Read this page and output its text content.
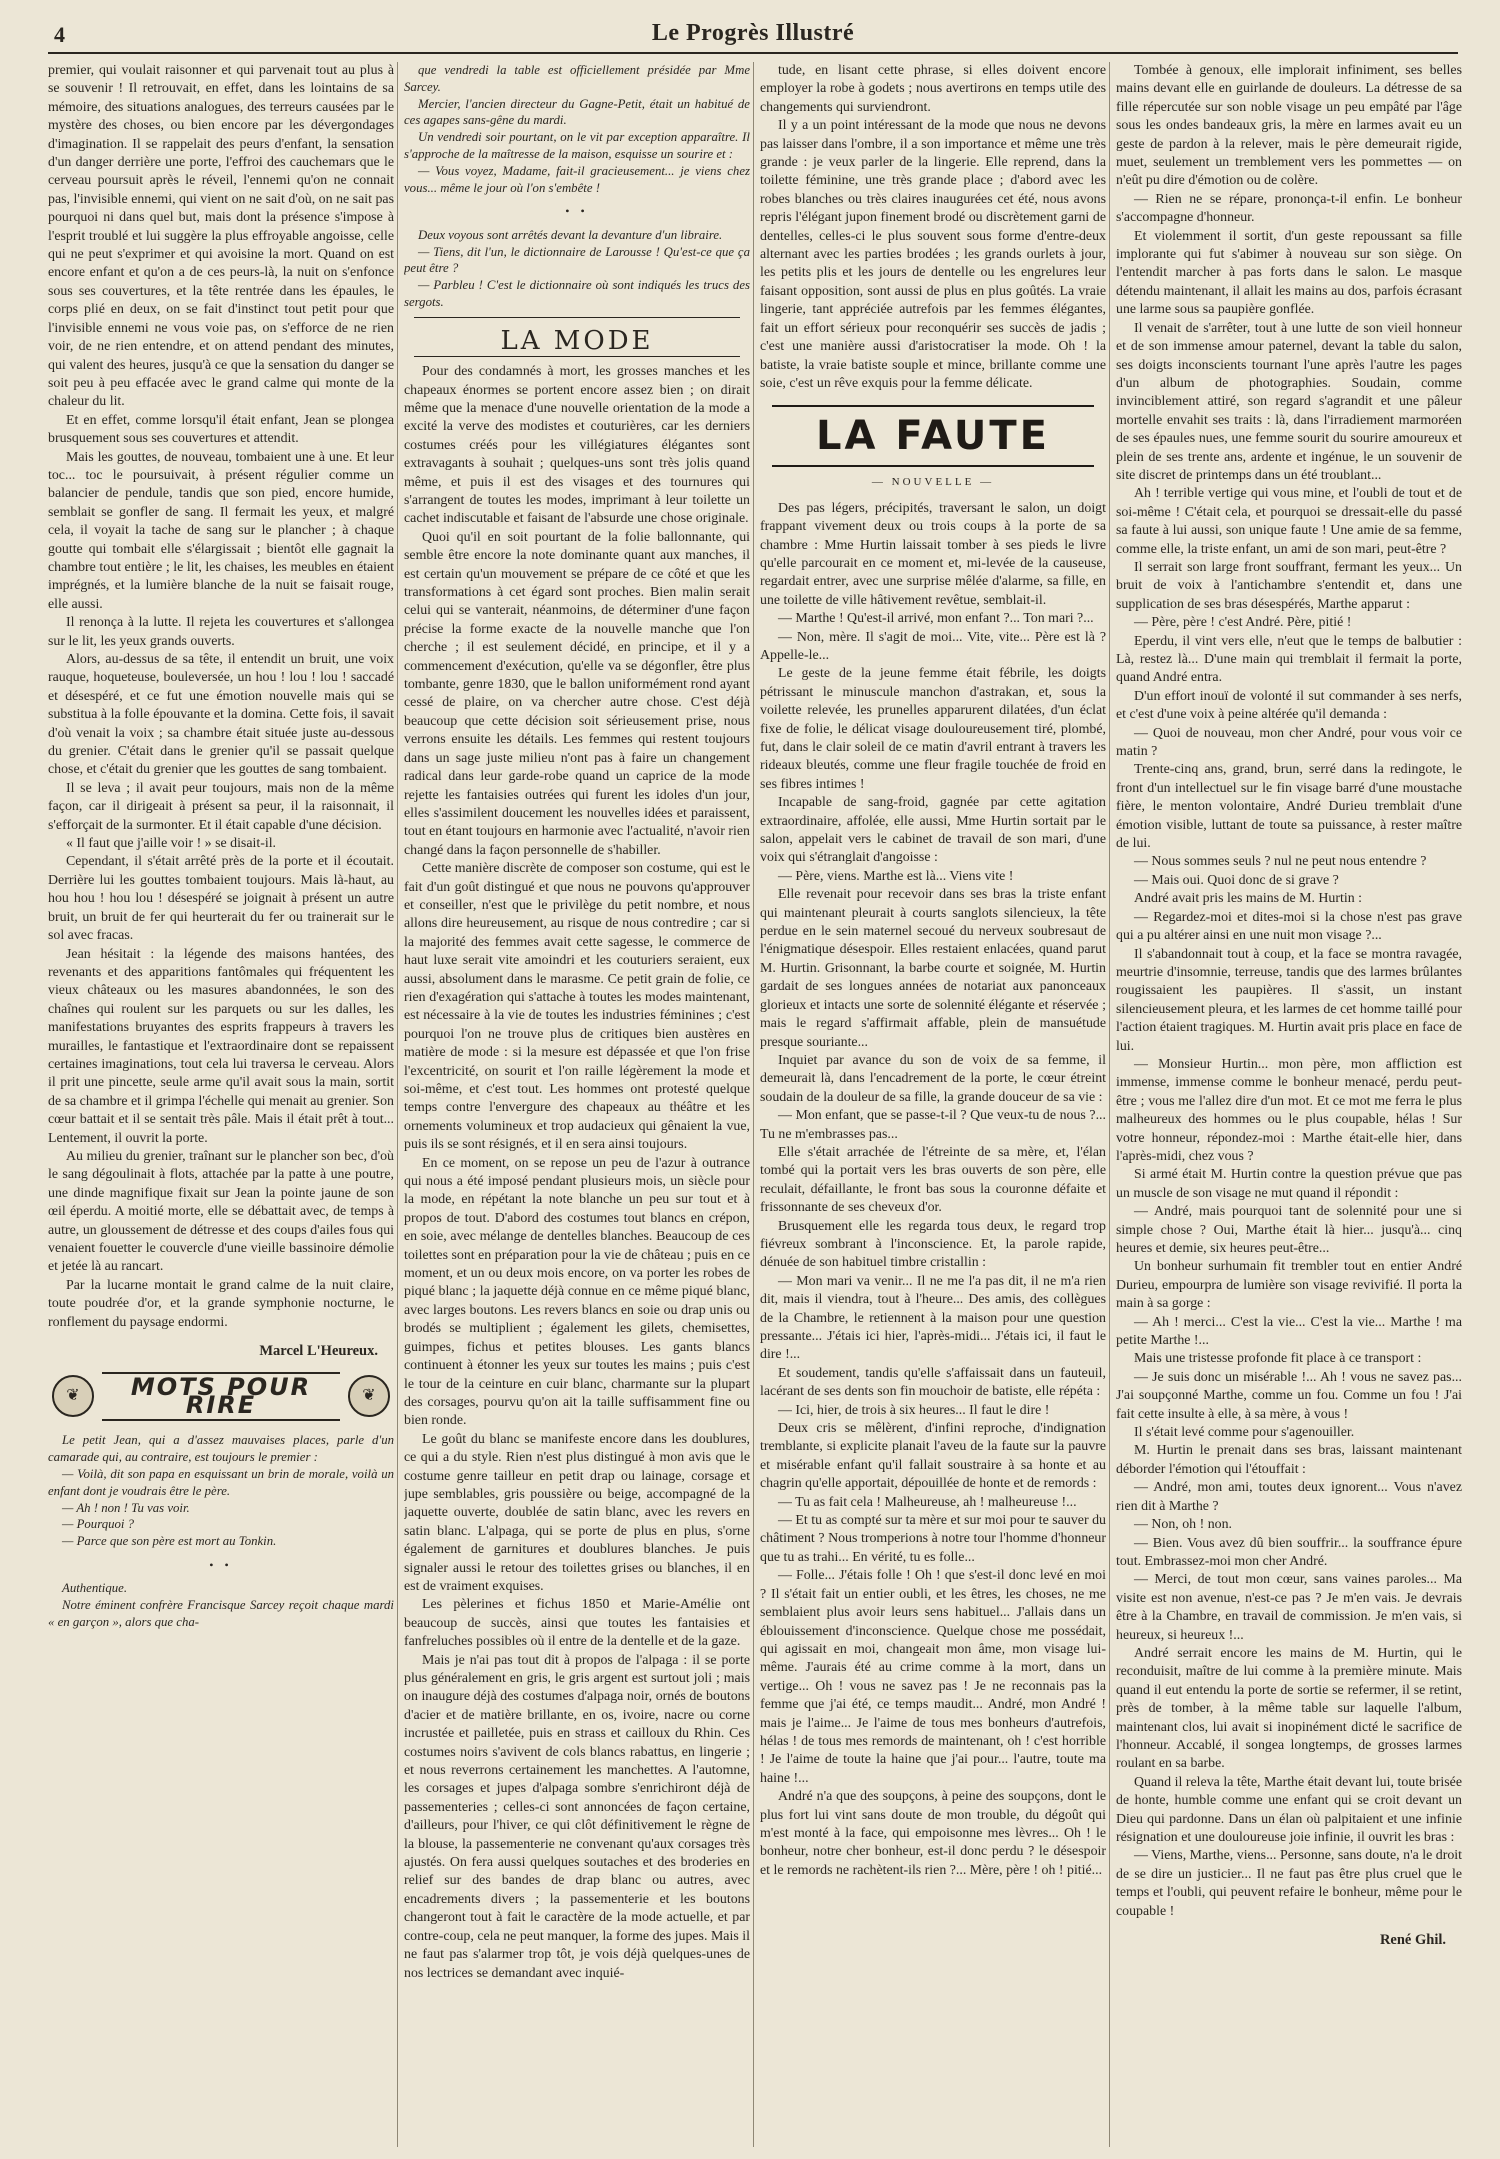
4	Le Progrès Illustré

premier, qui voulait raisonner et qui parvenait tout au plus à se souvenir ! Il retrouvait, en effet, dans les lointains de sa mémoire, des situations analogues, des terreurs causées par le mystère des choses, ou bien encore par les dévergondages d'imagination. Il se rappelait des peurs d'enfant, la sensation d'un danger derrière une porte, l'effroi des cauchemars que le cerveau poursuit après le réveil, l'ennemi qu'on ne connait pas, l'invisible ennemi, qui vient on ne sait d'où, on ne sait pas pourquoi ni dans quel but, mais dont la présence s'impose à l'esprit troublé et lui suggère la plus effroyable angoisse, celle qui ne peut s'exprimer et qui avoisine la mort. Quand on est encore enfant et qu'on a de ces peurs-là, la nuit on s'enfonce sous ses couvertures, et la tête rentrée dans les épaules, le corps plié en deux, on se fait d'instinct tout petit pour que l'invisible ennemi ne vous voie pas, on s'efforce de ne rien voir, de ne rien entendre, et on attend pendant des minutes, qui valent des heures, jusqu'à ce que la sensation du danger se soit peu à peu effacée avec le grand calme qui monte de la chaleur du lit.

Et en effet, comme lorsqu'il était enfant, Jean se plongea brusquement sous ses couvertures et attendit.

Mais les gouttes, de nouveau, tombaient une à une. Et leur toc... toc le poursuivait, à présent régulier comme un balancier de pendule, tandis que son pied, encore humide, semblait se gonfler de sang. Il fermait les yeux, et malgré cela, il voyait la tache de sang sur le plancher ; à chaque goutte qui tombait elle s'élargissait ; bientôt elle gagnait la chambre tout entière ; le lit, les chaises, les meubles en étaient imprégnés, et la lumière blanche de la nuit se faisait rouge, elle aussi.

Il renonça à la lutte. Il rejeta les couvertures et s'allongea sur le lit, les yeux grands ouverts.

Alors, au-dessus de sa tête, il entendit un bruit, une voix rauque, hoqueteuse, bouleversée, un hou ! lou ! lou ! saccadé et désespéré, et ce fut une émotion nouvelle mais qui se substitua à la folle épouvante et la domina. Cette fois, il savait d'où venait la voix ; sa chambre était située juste au-dessous du grenier. C'était dans le grenier qu'il se passait quelque chose, et c'était du grenier que les gouttes de sang tombaient.

Il se leva ; il avait peur toujours, mais non de la même façon, car il dirigeait à présent sa peur, il la raisonnait, il s'efforçait de la surmonter. Et il était capable d'une décision.

« Il faut que j'aille voir ! » se disait-il.

Cependant, il s'était arrêté près de la porte et il écoutait. Derrière lui les gouttes tombaient toujours. Mais là-haut, au hou hou ! hou lou ! désespéré se joignait à présent un autre bruit, un bruit de fer qui heurterait du fer ou trainerait sur le sol avec fracas.

Jean hésitait : la légende des maisons hantées, des revenants et des apparitions fantômales qui fréquentent les vieux châteaux ou les masures abandonnées, le son des chaînes qui roulent sur les parquets ou sur les dalles, les manifestations bruyantes des esprits frappeurs à travers les murailles, le fantastique et l'extraordinaire dont se repaissent certaines imaginations, tout cela lui traversa le cerveau. Alors il prit une pincette, seule arme qu'il avait sous la main, sortit de sa chambre et il grimpa l'échelle qui menait au grenier. Son cœur battait et il se sentait très pâle. Mais il était prêt à tout... Lentement, il ouvrit la porte.

Au milieu du grenier, traînant sur le plancher son bec, d'où le sang dégoulinait à flots, attachée par la patte à une poutre, une dinde magnifique fixait sur Jean la pointe jaune de son œil éperdu. A moitié morte, elle se débattait avec, de temps à autre, un gloussement de détresse et des coups d'ailes fous qui venaient fouetter le couvercle d'une vieille bassinoire démolie et jetée là au rancart.

Par la lucarne montait le grand calme de la nuit claire, toute poudrée d'or, et la grande symphonie nocturne, le ronflement du paysage endormi.

Marcel L'Heureux.
❦	MOTS POUR RIRE	❦

Le petit Jean, qui a d'assez mauvaises places, parle d'un camarade qui, au contraire, est toujours le premier :

— Voilà, dit son papa en esquissant un brin de morale, voilà un enfant dont je voudrais être le père.

— Ah ! non ! Tu vas voir.

— Pourquoi ?

— Parce que son père est mort au Tonkin.

• •

Authentique.

Notre éminent confrère Francisque Sarcey reçoit chaque mardi « en garçon », alors que cha-

que vendredi la table est officiellement présidée par Mme Sarcey.

Mercier, l'ancien directeur du Gagne-Petit, était un habitué de ces agapes sans-gêne du mardi.

Un vendredi soir pourtant, on le vit par exception apparaître. Il s'approche de la maîtresse de la maison, esquisse un sourire et :

— Vous voyez, Madame, fait-il gracieusement... je viens chez vous... même le jour où l'on s'embête !

• •

Deux voyous sont arrêtés devant la devanture d'un libraire.

— Tiens, dit l'un, le dictionnaire de Larousse ! Qu'est-ce que ça peut être ?

— Parbleu ! C'est le dictionnaire où sont indiqués les trucs des sergots.

LA MODE

Pour des condamnés à mort, les grosses manches et les chapeaux énormes se portent encore assez bien ; on dirait même que la menace d'une nouvelle orientation de la mode a excité la verve des modistes et couturières, car les derniers costumes créés pour les villégiatures élégantes sont extravagants à souhait ; quelques-uns sont très jolis quand même, et puis il est des visages et des tournures qui s'arrangent de toutes les modes, imprimant à leur toilette un cachet indiscutable et faisant de l'absurde une chose originale.

Quoi qu'il en soit pourtant de la folie ballonnante, qui semble être encore la note dominante quant aux manches, il est certain qu'un mouvement se prépare de ce côté et que les transformations à cet égard sont proches. Bien malin serait celui qui se vanterait, néanmoins, de déterminer d'une façon précise la forme exacte de la nouvelle manche que l'on cherche ; il est seulement décidé, en principe, et il y a commencement d'exécution, qu'elle va se dégonfler, être plus tombante, genre 1830, que le ballon uniformément rond ayant cessé de plaire, on va chercher autre chose. C'est déjà beaucoup que cette décision soit sérieusement prise, nous verrons ensuite les détails. Les femmes qui restent toujours dans un sage juste milieu n'ont pas à faire un changement radical dans leur garde-robe quand un caprice de la mode rejette les fantaisies outrées qui furent les idoles d'un jour, elles s'assimilent doucement les nouvelles idées et paraissent, tout en étant toujours en harmonie avec l'actualité, n'avoir rien changé dans la façon personnelle de s'habiller.

Cette manière discrète de composer son costume, qui est le fait d'un goût distingué et que nous ne pouvons qu'approuver et conseiller, n'est que le privilège du petit nombre, et nous allons dire heureusement, au risque de nous contredire ; car si la majorité des femmes avait cette sagesse, le commerce de haut luxe serait vite amoindri et les couturiers seraient, eux aussi, absolument dans le marasme. Ce petit grain de folie, ce rien d'exagération qui s'attache à toutes les modes maintenant, est nécessaire à la vie de toutes les industries féminines ; c'est pourquoi l'on ne trouve plus de critiques bien austères en matière de mode : si la mesure est dépassée et que l'on frise l'excentricité, on sourit et l'on raille légèrement la mode et soi-même, et c'est tout. Les hommes ont protesté quelque temps contre l'envergure des chapeaux au théâtre et les ornements volumineux et trop audacieux qui gênaient la vue, puis ils se sont résignés, et il en sera ainsi toujours.

En ce moment, on se repose un peu de l'azur à outrance qui nous a été imposé pendant plusieurs mois, un siècle pour la mode, en répétant la note blanche un peu sur tout et à propos de tout. D'abord des costumes tout blancs en crépon, en soie, avec mélange de dentelles blanches. Beaucoup de ces toilettes sont en préparation pour la vie de château ; puis en ce moment, et un ou deux mois encore, on va porter les robes de piqué blanc ; la jaquette déjà connue en ce même piqué blanc, avec larges boutons. Les revers blancs en soie ou drap unis ou brodés se multiplient ; également les gilets, chemisettes, guimpes, fichus et petites blouses. Les gants blancs continuent à étonner les yeux sur toutes les mains ; puis c'est le tour de la ceinture en cuir blanc, charmante sur la plupart des corsages, pourvu qu'on ait la taille suffisamment fine ou bien ronde.

Le goût du blanc se manifeste encore dans les doublures, ce qui a du style. Rien n'est plus distingué à mon avis que le costume genre tailleur en petit drap ou lainage, corsage et jupe semblables, gris poussière ou beige, accompagné de la jaquette ouverte, doublée de satin blanc, avec les revers en satin blanc. L'alpaga, qui se porte de plus en plus, s'orne également de garnitures et doublures blanches. Je puis signaler aussi le retour des toilettes grises ou blanches, il en est de vraiment exquises.

Les pèlerines et fichus 1850 et Marie-Amélie ont beaucoup de succès, ainsi que toutes les fantaisies et fanfreluches possibles où il entre de la dentelle et de la gaze.

Mais je n'ai pas tout dit à propos de l'alpaga : il se porte plus généralement en gris, le gris argent est surtout joli ; mais on inaugure déjà des costumes d'alpaga noir, ornés de boutons d'acier et de matière brillante, en os, ivoire, nacre ou corne incrustée et pailletée, puis en strass et cailloux du Rhin. Ces costumes noirs s'avivent de cols blancs rabattus, en lingerie ; et nous reverrons certainement les manchettes. A l'automne, les corsages et jupes d'alpaga sombre s'enrichiront déjà de passementeries ; celles-ci sont annoncées de façon certaine, d'ailleurs, pour l'hiver, ce qui clôt définitivement le règne de la blouse, la passementerie ne convenant qu'aux corsages très ajustés. On fera aussi quelques soutaches et des broderies en relief sur des bandes de drap blanc ou autres, avec encadrements divers ; la passementerie et les boutons changeront tout à fait le caractère de la mode actuelle, et par contre-coup, cela ne peut manquer, la forme des jupes. Mais il ne faut pas s'alarmer trop tôt, je vois déjà quelques-unes de nos lectrices se demandant avec inquié-

tude, en lisant cette phrase, si elles doivent encore employer la robe à godets ; nous avertirons en temps utile des changements qui surviendront.

Il y a un point intéressant de la mode que nous ne devons pas laisser dans l'ombre, il a son importance et même une très grande : je veux parler de la lingerie. Elle reprend, dans la toilette féminine, une très grande place ; d'abord avec les robes blanches ou très claires inaugurées cet été, nous avons repris l'élégant jupon finement brodé ou discrètement garni de dentelles, celles-ci le plus souvent sous forme d'entre-deux alternant avec les parties brodées ; les grands ourlets à jour, les petits plis et les jours de dentelle ou les engrelures leur faisant opposition, sont aussi de plus en plus goûtés. La vraie lingerie, tant appréciée autrefois par les femmes élégantes, fait un effort sérieux pour reconquérir ses succès de jadis ; c'est une manière aussi d'aristocratiser la mode. Oh ! la batiste, la vraie batiste souple et mince, brillante comme une soie, c'est un rêve exquis pour la femme délicate.

LA FAUTE
— NOUVELLE —

Des pas légers, précipités, traversant le salon, un doigt frappant vivement deux ou trois coups à la porte de sa chambre : Mme Hurtin laissait tomber à ses pieds le livre qu'elle parcourait en ce moment et, mi-levée de la causeuse, regardait entrer, avec une surprise mêlée d'alarme, sa fille, en une toilette de ville hâtivement revêtue, semblait-il.

— Marthe ! Qu'est-il arrivé, mon enfant ?... Ton mari ?...

— Non, mère. Il s'agit de moi... Vite, vite... Père est là ? Appelle-le...

Le geste de la jeune femme était fébrile, les doigts pétrissant le minuscule manchon d'astrakan, et, sous la voilette relevée, les prunelles apparurent dilatées, d'un éclat fixe de folie, le délicat visage douloureusement tiré, plombé, fut, dans le clair soleil de ce matin d'avril entrant à travers les rideaux bleutés, comme une fleur fragile touchée de froid en ses fibres intimes !

Incapable de sang-froid, gagnée par cette agitation extraordinaire, affolée, elle aussi, Mme Hurtin sortait par le salon, appelait vers le cabinet de travail de son mari, d'une voix qui s'étranglait d'angoisse :

— Père, viens. Marthe est là... Viens vite !

Elle revenait pour recevoir dans ses bras la triste enfant qui maintenant pleurait à courts sanglots silencieux, la tête perdue en le sein maternel secoué du nerveux soubresaut de l'énigmatique désespoir. Elles restaient enlacées, quand parut M. Hurtin. Grisonnant, la barbe courte et soignée, M. Hurtin gardait de ses longues années de notariat aux panonceaux glorieux et intacts une sorte de solennité élégante et réservée ; mais le regard s'affirmait affable, plein de mansuétude presque souriante...

Inquiet par avance du son de voix de sa femme, il demeurait là, dans l'encadrement de la porte, le cœur étreint soudain de la douleur de sa fille, la grande douceur de sa vie :

— Mon enfant, que se passe-t-il ? Que veux-tu de nous ?... Tu ne m'embrasses pas...

Elle s'était arrachée de l'étreinte de sa mère, et, l'élan tombé qui la portait vers les bras ouverts de son père, elle reculait, défaillante, le front bas sous la couronne défaite et frissonnante de ses cheveux d'or.

Brusquement elle les regarda tous deux, le regard trop fiévreux sombrant à l'inconscience. Et, la parole rapide, dénuée de son habituel timbre cristallin :

— Mon mari va venir... Il ne me l'a pas dit, il ne m'a rien dit, mais il viendra, tout à l'heure... Des amis, des collègues de la Chambre, le retiennent à la maison pour une question pressante... J'étais ici hier, l'après-midi... J'étais ici, il faut le dire !...

Et soudement, tandis qu'elle s'affaissait dans un fauteuil, lacérant de ses dents son fin mouchoir de batiste, elle répéta :

— Ici, hier, de trois à six heures... Il faut le dire !

Deux cris se mêlèrent, d'infini reproche, d'indignation tremblante, si explicite planait l'aveu de la faute sur la pauvre et misérable enfant qu'il fallait soustraire à sa honte et au chagrin qu'elle apportait, dépouillée de honte et de remords :

— Tu as fait cela ! Malheureuse, ah ! malheureuse !...

— Et tu as compté sur ta mère et sur moi pour te sauver du châtiment ? Nous tromperions à notre tour l'homme d'honneur que tu as trahi... En vérité, tu es folle...

— Folle... J'étais folle ! Oh ! que s'est-il donc levé en moi ? Il s'était fait un entier oubli, et les êtres, les choses, ne me semblaient plus avoir leurs sens habituel... J'allais dans un éblouissement d'inconscience. Quelque chose me possédait, qui agissait en moi, changeait mon âme, mon visage lui-même. J'aurais été au crime comme à la mort, dans un vertige... Oh ! vous ne savez pas ! Je ne reconnais pas la femme que j'ai été, ce temps maudit... André, mon André ! mais je l'aime... Je l'aime de tous mes bonheurs d'autrefois, hélas ! de tous mes remords de maintenant, oh ! c'est horrible ! Je l'aime de toute la haine que j'ai pour... l'autre, toute ma haine !...

André n'a que des soupçons, à peine des soupçons, dont le plus fort lui vint sans doute de mon trouble, du dégoût qui m'est monté à la face, qui empoisonne mes lèvres... Oh ! le bonheur, notre cher bonheur, est-il donc perdu ? le désespoir et le remords ne rachètent-ils rien ?... Mère, père ! oh ! pitié...

Tombée à genoux, elle implorait infiniment, ses belles mains devant elle en guirlande de douleurs. La détresse de sa fille répercutée sur son noble visage un peu empâté par l'âge sous les ondes bandeaux gris, la mère en larmes avait eu un geste de pardon à la relever, mais le père demeurait rigide, muet, seulement un tremblement vers les pommettes — on n'eût pu dire d'émotion ou de colère.

— Rien ne se répare, prononça-t-il enfin. Le bonheur s'accompagne d'honneur.

Et violemment il sortit, d'un geste repoussant sa fille implorante qui fut s'abimer à nouveau sur son siège. On l'entendit marcher à pas forts dans le salon. Le masque détendu maintenant, il allait les mains au dos, parfois écrasant une larme sous sa paupière gonflée.

Il venait de s'arrêter, tout à une lutte de son vieil honneur et de son immense amour paternel, devant la table du salon, ses doigts inconscients tournant l'une après l'autre les pages d'un album de photographies. Soudain, comme invinciblement attiré, son regard s'agrandit et une pâleur mortelle envahit ses traits : là, dans l'irradiement marmoréen de ses épaules nues, une femme sourit du sourire amoureux et plein de ses trente ans, ardente et ingénue, le un souvenir de site discret de printemps dans un été troublant...

Ah ! terrible vertige qui vous mine, et l'oubli de tout et de soi-même ! C'était cela, et pourquoi se dressait-elle du passé sa faute à lui aussi, son unique faute ! Une amie de sa femme, comme elle, la triste enfant, un ami de son mari, peut-être ?

Il serrait son large front souffrant, fermant les yeux... Un bruit de voix à l'antichambre s'entendit et, dans une supplication de ses bras désespérés, Marthe apparut :

— Père, père ! c'est André. Père, pitié !

Eperdu, il vint vers elle, n'eut que le temps de balbutier : Là, restez là... D'une main qui tremblait il fermait la porte, quand André entra.

D'un effort inouï de volonté il sut commander à ses nerfs, et c'est d'une voix à peine altérée qu'il demanda :

— Quoi de nouveau, mon cher André, pour vous voir ce matin ?

Trente-cinq ans, grand, brun, serré dans la redingote, le front d'un intellectuel sur le fin visage barré d'une moustache fière, le menton volontaire, André Durieu tremblait d'une émotion visible, luttant de toute sa puissance, à rester maître de lui.

— Nous sommes seuls ? nul ne peut nous entendre ?

— Mais oui. Quoi donc de si grave ?

André avait pris les mains de M. Hurtin :

— Regardez-moi et dites-moi si la chose n'est pas grave qui a pu altérer ainsi en une nuit mon visage ?...

Il s'abandonnait tout à coup, et la face se montra ravagée, meurtrie d'insomnie, terreuse, tandis que des larmes brûlantes rougissaient les paupières. Il s'assit, un instant silencieusement pleura, et les larmes de cet homme taillé pour l'action étaient tragiques. M. Hurtin avait pris place en face de lui.

— Monsieur Hurtin... mon père, mon affliction est immense, immense comme le bonheur menacé, perdu peut-être ; vous me l'allez dire d'un mot. Et ce mot me ferra le plus malheureux des hommes ou le plus coupable, hélas ! Sur votre honneur, répondez-moi : Marthe était-elle hier, dans l'après-midi, chez vous ?

Si armé était M. Hurtin contre la question prévue que pas un muscle de son visage ne mut quand il répondit :

— André, mais pourquoi tant de solennité pour une si simple chose ? Oui, Marthe était là hier... jusqu'à... cinq heures et demie, six heures peut-être...

Un bonheur surhumain fit trembler tout en entier André Durieu, empourpra de lumière son visage revivifié. Il porta la main à sa gorge :

— Ah ! merci... C'est la vie... C'est la vie... Marthe ! ma petite Marthe !...

Mais une tristesse profonde fit place à ce transport :

— Je suis donc un misérable !... Ah ! vous ne savez pas... J'ai soupçonné Marthe, comme un fou. Comme un fou ! J'ai fait cette insulte à elle, à sa mère, à vous !

Il s'était levé comme pour s'agenouiller.

M. Hurtin le prenait dans ses bras, laissant maintenant déborder l'émotion qui l'étouffait :

— André, mon ami, toutes deux ignorent... Vous n'avez rien dit à Marthe ?

— Non, oh ! non.

— Bien. Vous avez dû bien souffrir... la souffrance épure tout. Embrassez-moi mon cher André.

— Merci, de tout mon cœur, sans vaines paroles... Ma visite est non avenue, n'est-ce pas ? Je m'en vais. Je devrais être à la Chambre, en travail de commission. Je m'en vais, si heureux, si heureux !...

André serrait encore les mains de M. Hurtin, qui le reconduisit, maître de lui comme à la première minute. Mais quand il eut entendu la porte de sortie se refermer, il se retint, près de tomber, à la même table sur laquelle l'album, maintenant clos, lui avait si inopinément dicté le sacrifice de l'honneur. Accablé, il songea longtemps, de grosses larmes roulant en sa barbe.

Quand il releva la tête, Marthe était devant lui, toute brisée de honte, humble comme une enfant qui se croit devant un Dieu qui pardonne. Dans un élan où palpitaient et une infinie résignation et une douloureuse joie infinie, il ouvrit les bras :

— Viens, Marthe, viens... Personne, sans doute, n'a le droit de se dire un justicier... Il ne faut pas être plus cruel que le temps et l'oubli, qui peuvent refaire le bonheur, même pour le coupable !

René Ghil.
